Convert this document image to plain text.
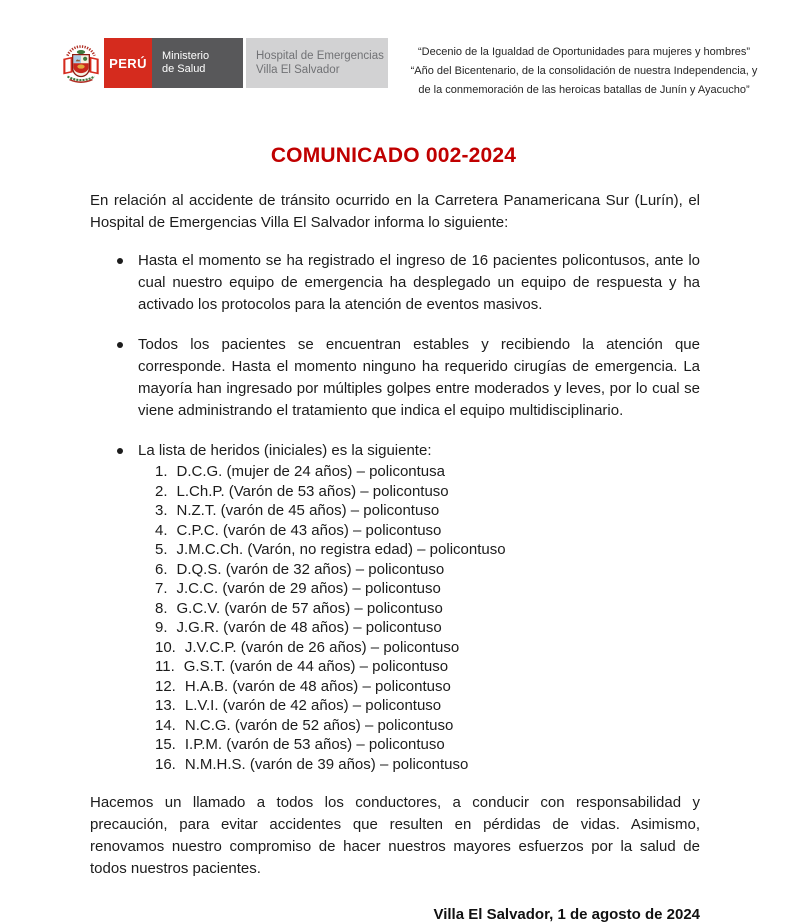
PERÚ Ministerio
de Salud
Hospital de Emergencias
Villa El Salvador
“Decenio de la Igualdad de Oportunidades para mujeres y hombres”
“Año del Bicentenario, de la consolidación de nuestra Independencia, y
de la conmemoración de las heroicas batallas de Junín y Ayacucho”
COMUNICADO 002-2024

En relación al accidente de tránsito ocurrido en la Carretera Panamericana Sur (Lurín), el Hospital de Emergencias Villa El Salvador informa lo siguiente:

Hasta el momento se ha registrado el ingreso de 16 pacientes policontusos, ante lo cual nuestro equipo de emergencia ha desplegado un equipo de respuesta y ha activado los protocolos para la atención de eventos masivos.
Todos los pacientes se encuentran estables y recibiendo la atención que corresponde. Hasta el momento ninguno ha requerido cirugías de emergencia. La mayoría han ingresado por múltiples golpes entre moderados y leves, por lo cual se viene administrando el tratamiento que indica el equipo multidisciplinario.
La lista de heridos (iniciales) es la siguiente:
1. D.C.G. (mujer de 24 años) – policontusa
2. L.Ch.P. (Varón de 53 años) – policontuso
3. N.Z.T. (varón de 45 años) – policontuso
4. C.P.C. (varón de 43 años) – policontuso
5. J.M.C.Ch. (Varón, no registra edad) – policontuso
6. D.Q.S. (varón de 32 años) – policontuso
7. J.C.C. (varón de 29 años) – policontuso
8. G.C.V. (varón de 57 años) – policontuso
9. J.G.R. (varón de 48 años) – policontuso
10. J.V.C.P. (varón de 26 años) – policontuso
11. G.S.T. (varón de 44 años) – policontuso
12. H.A.B. (varón de 48 años) – policontuso
13. L.V.I. (varón de 42 años) – policontuso
14. N.C.G. (varón de 52 años) – policontuso
15. I.P.M. (varón de 53 años) – policontuso
16. N.M.H.S. (varón de 39 años) – policontuso

Hacemos un llamado a todos los conductores, a conducir con responsabilidad y precaución, para evitar accidentes que resulten en pérdidas de vidas. Asimismo, renovamos nuestro compromiso de hacer nuestros mayores esfuerzos por la salud de todos nuestros pacientes.

Villa El Salvador, 1 de agosto de 2024
